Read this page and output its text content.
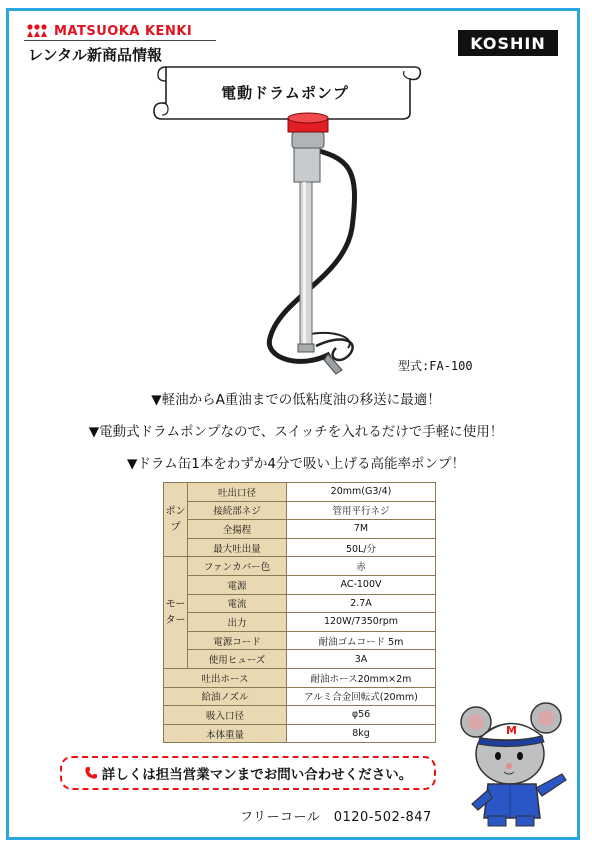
MATSUOKA KENKI
レンタル新商品情報
KOSHIN
電動ドラムポンプ
型式:FA-100
▼軽油からA重油までの低粘度油の移送に最適！
▼電動式ドラムポンプなので、スイッチを入れるだけで手軽に使用！
▼ドラム缶1本をわずか4分で吸い上げる高能率ポンプ！
ポンプ	吐出口径	20mm(G3/4)
	接続部ネジ	管用平行ネジ
	全揚程	7M
	最大吐出量	50L/分
モーター	ファンカバー色	赤
	電源	AC-100V
	電流	2.7A
	出力	120W/7350rpm
	電源コード	耐油ゴムコード 5m
	使用ヒューズ	3A
吐出ホース		耐油ホース20mm×2m
給油ノズル		アルミ合金回転式(20mm)
吸入口径		φ56
本体重量		8kg
詳しくは担当営業マンまでお問い合わせください。
フリーコール　0120-502-847
M
